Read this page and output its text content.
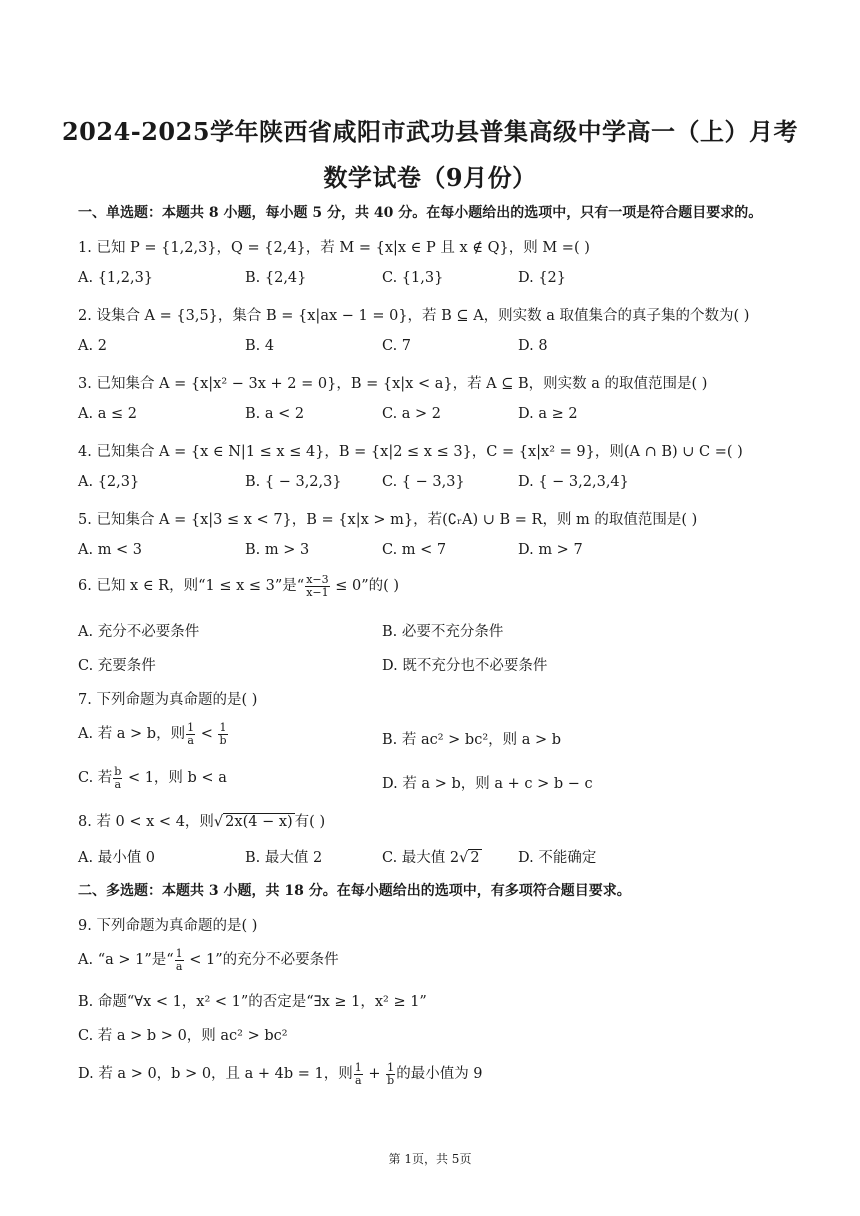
2024-2025学年陕西省咸阳市武功县普集高级中学高一（上）月考
数学试卷（9月份）
一、单选题：本题共 8 小题，每小题 5 分，共 40 分。在每小题给出的选项中，只有一项是符合题目要求的。
1. 已知 P = {1,2,3}，Q = {2,4}，若 M = {x|x ∈ P 且 x ∉ Q}，则 M =( )
A. {1,2,3}	B. {2,4}	C. {1,3}	D. {2}
2. 设集合 A = {3,5}，集合 B = {x|ax − 1 = 0}，若 B ⊆ A，则实数 a 取值集合的真子集的个数为( )
A. 2	B. 4	C. 7	D. 8
3. 已知集合 A = {x|x² − 3x + 2 = 0}，B = {x|x < a}，若 A ⊆ B，则实数 a 的取值范围是( )
A. a ≤ 2	B. a < 2	C. a > 2	D. a ≥ 2
4. 已知集合 A = {x ∈ N|1 ≤ x ≤ 4}，B = {x|2 ≤ x ≤ 3}，C = {x|x² = 9}，则(A ∩ B) ∪ C =( )
A. {2,3}	B. { − 3,2,3}	C. { − 3,3}	D. { − 3,2,3,4}
5. 已知集合 A = {x|3 ≤ x < 7}，B = {x|x > m}，若(∁ᵣA) ∪ B = R，则 m 的取值范围是( )
A. m < 3	B. m > 3	C. m < 7	D. m > 7
6. 已知 x ∈ R，则“1 ≤ x ≤ 3”是“ $\frac{x-3}{x-1} \le 0$”的( )
A. 充分不必要条件	B. 必要不充分条件
C. 充要条件	D. 既不充分也不必要条件
7. 下列命题为真命题的是( )
A. 若 a > b，则 $\frac{1}{a} < \frac{1}{b}$	B. 若 ac² > bc²，则 a > b
C. 若 $\frac{b}{a} < 1$，则 b < a	D. 若 a > b，则 a + c > b − c
8. 若 0 < x < 4，则√ 2x(4 − x) 有( )
A. 最小值 0	B. 最大值 2	C. 最大值 2√ 2	D. 不能确定
二、多选题：本题共 3 小题，共 18 分。在每小题给出的选项中，有多项符合题目要求。
9. 下列命题为真命题的是( )
A. “a > 1”是“ $\frac{1}{a} < 1$”的充分不必要条件
B. 命题“∀x < 1，x² < 1”的否定是“∃x ≥ 1，x² ≥ 1”
C. 若 a > b > 0，则 ac² > bc²
D. 若 a > 0，b > 0，且 a + 4b = 1，则 $\frac{1}{a} + \frac{1}{b}$ 的最小值为 9
第 1页，共 5页
